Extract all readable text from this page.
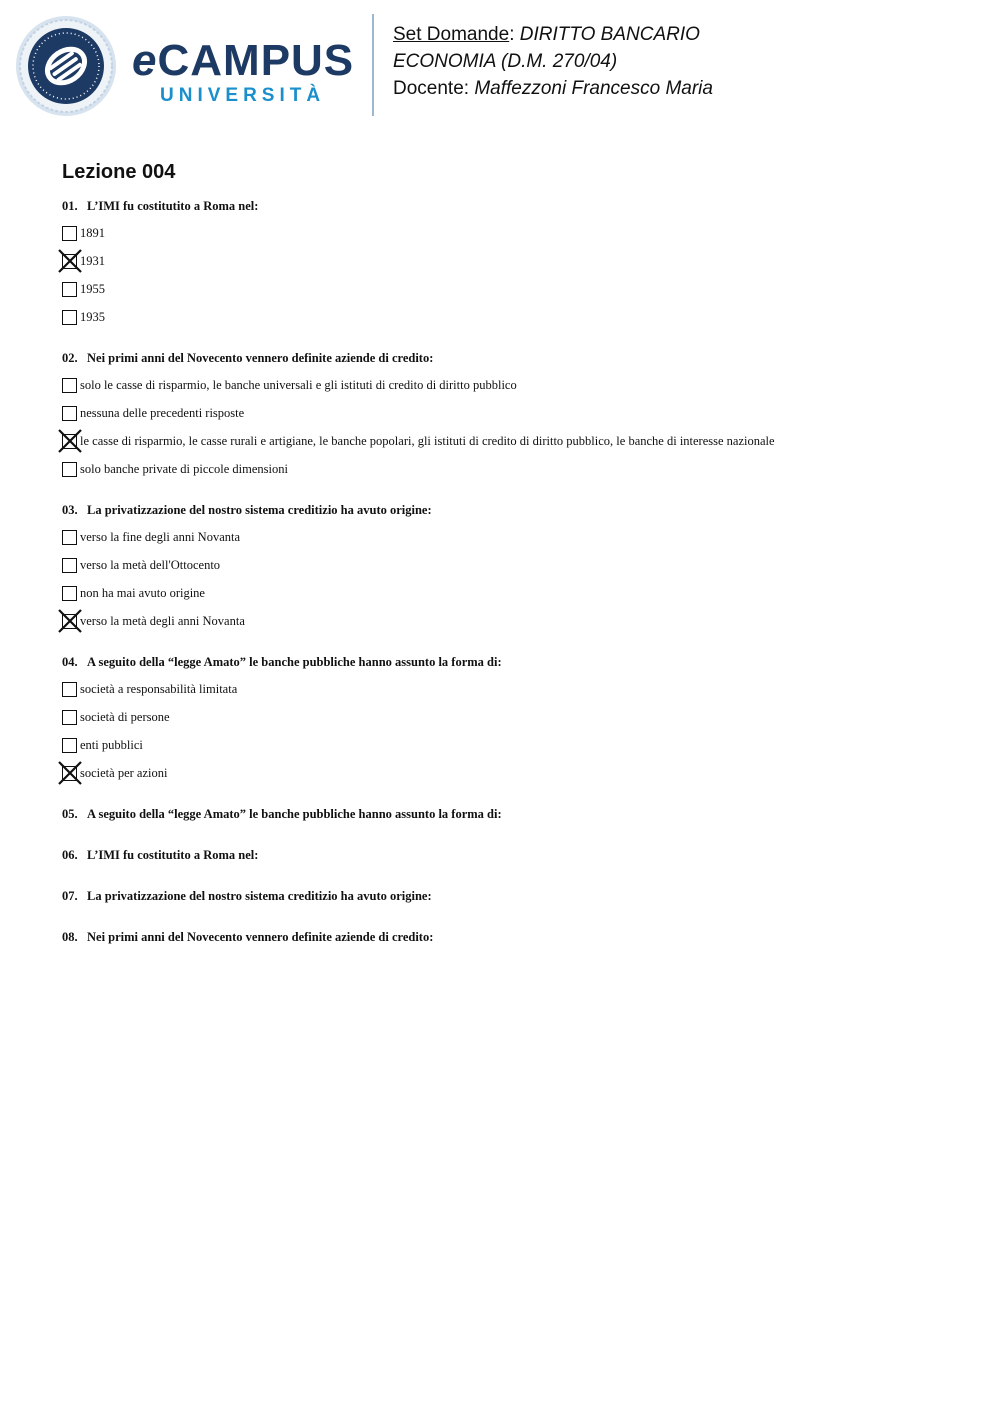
eCAMPUS
UNIVERSITÀ
Set Domande: DIRITTO BANCARIO
ECONOMIA (D.M. 270/04)
Docente: Maffezzoni Francesco Maria
Lezione 004
01. L’IMI fu costitutito a Roma nel:
1891
1931
1955
1935
02. Nei primi anni del Novecento vennero definite aziende di credito:
solo le casse di risparmio, le banche universali e gli istituti di credito di diritto pubblico
nessuna delle precedenti risposte
le casse di risparmio, le casse rurali e artigiane, le banche popolari, gli istituti di credito di diritto pubblico, le banche di interesse nazionale
solo banche private di piccole dimensioni
03. La privatizzazione del nostro sistema creditizio ha avuto origine:
verso la fine degli anni Novanta
verso la metà dell'Ottocento
non ha mai avuto origine
verso la metà degli anni Novanta
04. A seguito della “legge Amato” le banche pubbliche hanno assunto la forma di:
società a responsabilità limitata
società di persone
enti pubblici
società per azioni
05. A seguito della “legge Amato” le banche pubbliche hanno assunto la forma di:
06. L’IMI fu costitutito a Roma nel:
07. La privatizzazione del nostro sistema creditizio ha avuto origine:
08. Nei primi anni del Novecento vennero definite aziende di credito:
